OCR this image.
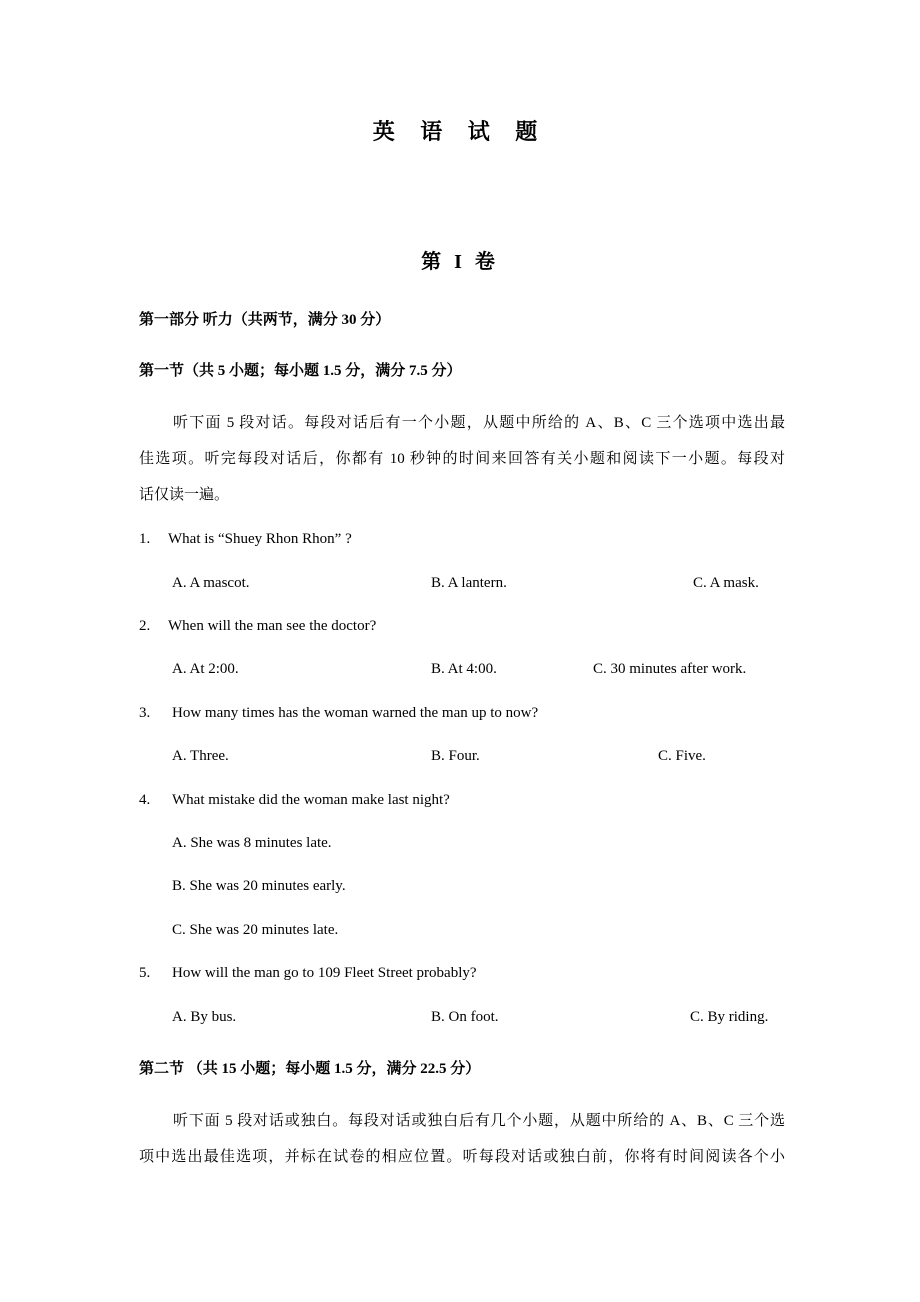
英 语 试 题
第 I 卷
第一部分 听力（共两节，满分 30 分）
第一节（共 5 小题；每小题 1.5 分，满分 7.5 分）
听下面 5 段对话。每段对话后有一个小题，从题中所给的 A、B、C 三个选项中选出最
佳选项。听完每段对话后，你都有 10 秒钟的时间来回答有关小题和阅读下一小题。每段对
话仅读一遍。
1. What is “Shuey Rhon Rhon” ?
A. A mascot.	B. A lantern.	C. A mask.
2. When will the man see the doctor?
A. At 2:00.	B. At 4:00.	C. 30 minutes after work.
3. How many times has the woman warned the man up to now?
A. Three.	B. Four.	C. Five.
4. What mistake did the woman make last night?
A. She was 8 minutes late.
B. She was 20 minutes early.
C. She was 20 minutes late.
5. How will the man go to 109 Fleet Street probably?
A. By bus.	B. On foot.	C. By riding.
第二节 （共 15 小题；每小题 1.5 分，满分 22.5 分）
听下面 5 段对话或独白。每段对话或独白后有几个小题，从题中所给的 A、B、C 三个选
项中选出最佳选项，并标在试卷的相应位置。听每段对话或独白前，你将有时间阅读各个小
